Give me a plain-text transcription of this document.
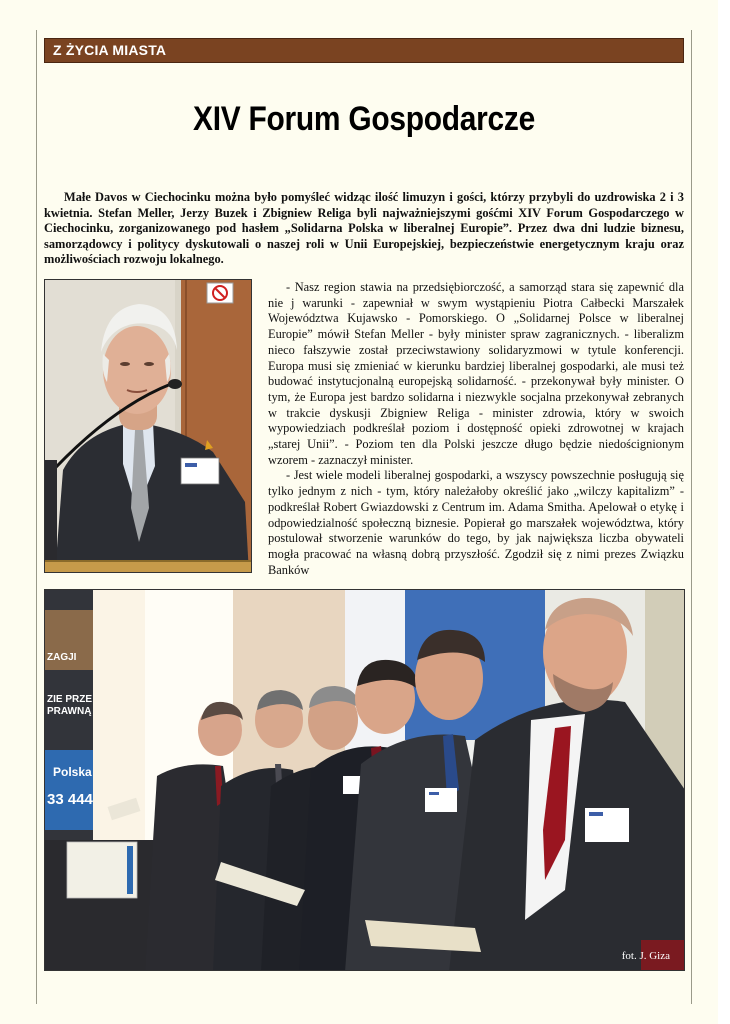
Z ŻYCIA MIASTA
XIV Forum Gospodarcze

Małe Davos w Ciechocinku można było pomyśleć widząc ilość limuzyn i gości, którzy przybyli do uzdrowiska 2 i 3 kwietnia. Stefan Meller, Jerzy Buzek i Zbigniew Religa byli najważniejszymi gośćmi XIV Forum Gospodarczego w Ciechocinku, zorganizowanego pod hasłem „Solidarna Polska w liberalnej Europie”. Przez dwa dni ludzie biznesu, samorządowcy i politycy dyskutowali o naszej roli w Unii Europejskiej, bezpieczeństwie energetycznym kraju oraz możliwościach rozwoju lokalnego.

- Nasz region stawia na przedsiębiorczość, a samorząd stara się zapewnić dla nie j warunki - zapewniał w swym wystąpieniu Piotra Całbecki Marszałek Województwa Kujawsko - Pomorskiego. O „Solidarnej Polsce w liberalnej Europie” mówił Stefan Meller - były minister spraw zagranicznych. - liberalizm nieco fałszywie został przeciwstawiony solidaryzmowi w tytule konferencji. Europa musi się zmieniać w kierunku bardziej liberalnej gospodarki, ale musi też budować instytucjonalną europejską solidarność. - przekonywał były minister. O tym, że Europa jest bardzo solidarna i niezwykle socjalna przekonywał zebranych w trakcie dyskusji Zbigniew Religa - minister zdrowia, który w swoich wypowiedziach podkreślał poziom i dostępność opieki zdrowotnej w krajach „starej Unii”. - Poziom ten dla Polski jeszcze długo będzie niedoścignionym wzorem - zaznaczył minister.

- Jest wiele modeli liberalnej gospodarki, a wszyscy powszechnie posługują się tylko jednym z nich - tym, który należałoby określić jako „wilczy kapitalizm” - podkreślał Robert Gwiazdowski z Centrum im. Adama Smitha. Apelował o etykę i odpowiedzialność społeczną biznesie. Popierał go marszałek województwa, który postulował stworzenie warunków do tego, by jak największa liczba obywateli mogła pracować na własną dobrą przyszłość. Zgodził się z nimi prezes Związku Banków

ZAGJI
ZIE PRZE
PRAWNĄ
Polska
33 444
fot. J. Giza
